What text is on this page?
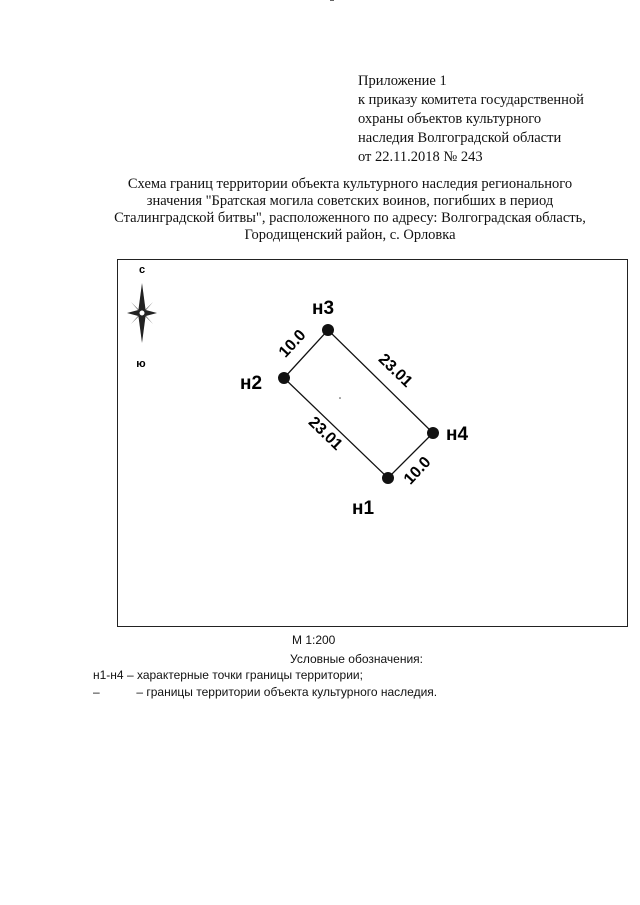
Приложение 1
к приказу комитета государственной
охраны объектов культурного
наследия Волгоградской области
от 22.11.2018 № 243
Схема границ территории объекта культурного наследия регионального
значения "Братская могила советских воинов, погибших в период
Сталинградской битвы", расположенного по адресу: Волгоградская область,
Городищенский район, с. Орловка
с
ю
н1
н2
н3
н4
23.01
10.0
23.01
10.0
М 1:200
Условные обозначения:
н1-н4 – характерные точки границы территории;
–	– границы территории объекта культурного наследия.
